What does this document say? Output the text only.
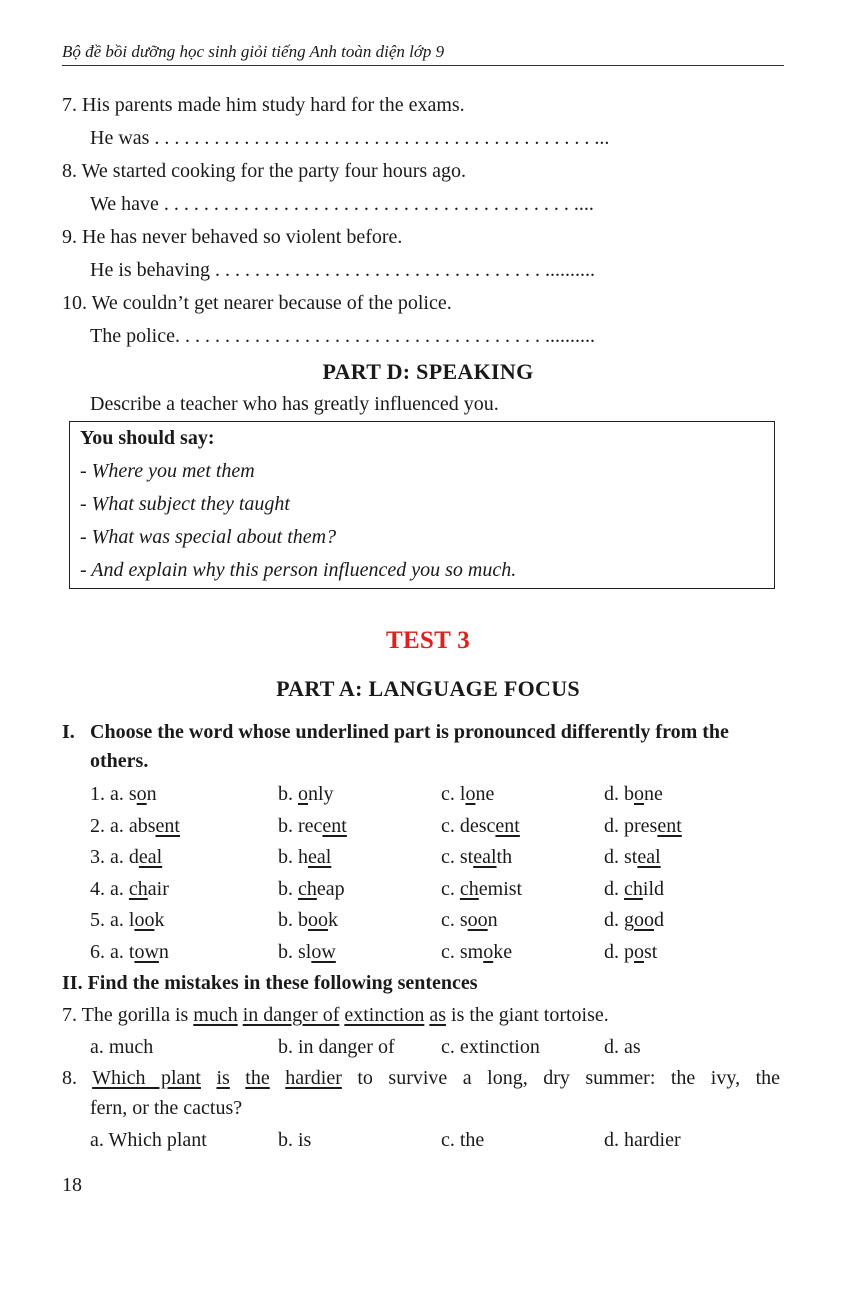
Bộ đề bồi dưỡng học sinh giỏi tiếng Anh toàn diện lớp 9
7. His parents made him study hard for the exams.
He was . . . . . . . . . . . . . . . . . . . . . . . . . . . . . . . . . . . . . . . . . . . . ...
8. We started cooking for the party four hours ago.
We have . . . . . . . . . . . . . . . . . . . . . . . . . . . . . . . . . . . . . . . . . ....
9. He has never behaved so violent before.
He is behaving . . . . . . . . . . . . . . . . . . . . . . . . . . . . . . . . . ..........
10. We couldn’t get nearer because of the police.
The police. . . . . . . . . . . . . . . . . . . . . . . . . . . . . . . . . . . . . ..........
PART D: SPEAKING
Describe a teacher who has greatly influenced you.
You should say:
- Where you met them
- What subject they taught
- What was special about them?
- And explain why this person influenced you so much.
TEST 3
PART A: LANGUAGE FOCUS
I. Choose the word whose underlined part is pronounced differently from the
others.
1. a. son	b. only	c. lone	d. bone
2. a. absent	b. recent	c. descent	d. present
3. a. deal	b. heal	c. stealth	d. steal
4. a. chair	b. cheap	c. chemist	d. child
5. a. look	b. book	c. soon	d. good
6. a. town	b. slow	c. smoke	d. post
II. Find the mistakes in these following sentences
7. The gorilla is much in danger of extinction as is the giant tortoise.
a. much	b. in danger of c. extinction	d. as
8. Which plant is the hardier to survive a long, dry summer: the ivy, the
fern, or the cactus?
a. Which plant	b. is	c. the	d. hardier
18
